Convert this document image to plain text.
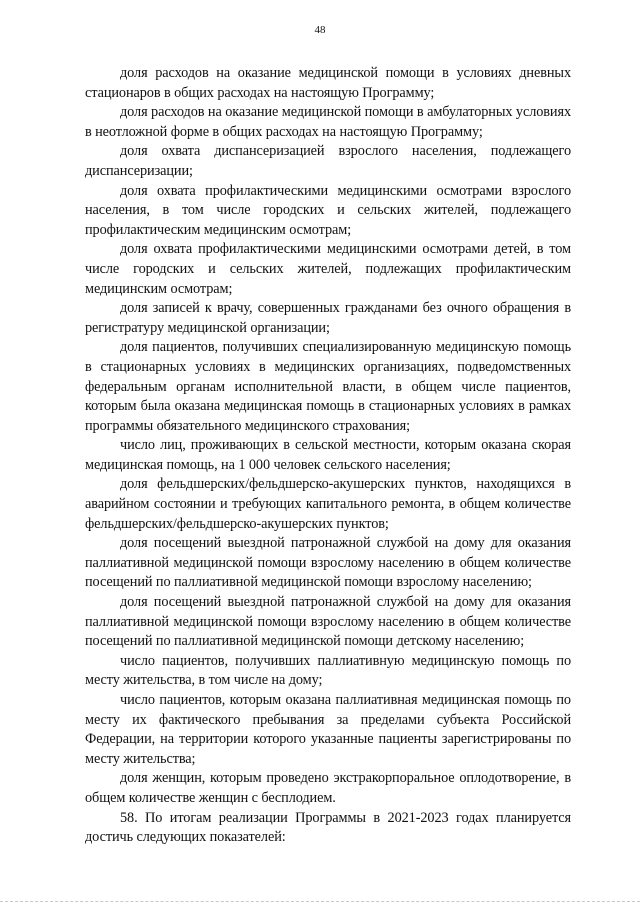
48

доля расходов на оказание медицинской помощи в условиях дневных стационаров в общих расходах на настоящую Программу;

доля расходов на оказание медицинской помощи в амбулаторных условиях в неотложной форме в общих расходах на настоящую Программу;

доля охвата диспансеризацией взрослого населения, подлежащего диспансеризации;

доля охвата профилактическими медицинскими осмотрами взрослого населения, в том числе городских и сельских жителей, подлежащего профилактическим медицинским осмотрам;

доля охвата профилактическими медицинскими осмотрами детей, в том числе городских и сельских жителей, подлежащих профилактическим медицинским осмотрам;

доля записей к врачу, совершенных гражданами без очного обращения в регистратуру медицинской организации;

доля пациентов, получивших специализированную медицинскую помощь в стационарных условиях в медицинских организациях, подведомственных федеральным органам исполнительной власти, в общем числе пациентов, которым была оказана медицинская помощь в стационарных условиях в рамках программы обязательного медицинского страхования;

число лиц, проживающих в сельской местности, которым оказана скорая медицинская помощь, на 1 000 человек сельского населения;

доля фельдшерских/фельдшерско-акушерских пунктов, находящихся в аварийном состоянии и требующих капитального ремонта, в общем количестве фельдшерских/фельдшерско-акушерских пунктов;

доля посещений выездной патронажной службой на дому для оказания паллиативной медицинской помощи взрослому населению в общем количестве посещений по паллиативной медицинской помощи взрослому населению;

доля посещений выездной патронажной службой на дому для оказания паллиативной медицинской помощи взрослому населению в общем количестве посещений по паллиативной медицинской помощи детскому населению;

число пациентов, получивших паллиативную медицинскую помощь по месту жительства, в том числе на дому;

число пациентов, которым оказана паллиативная медицинская помощь по месту их фактического пребывания за пределами субъекта Российской Федерации, на территории которого указанные пациенты зарегистрированы по месту жительства;

доля женщин, которым проведено экстракорпоральное оплодотворение, в общем количестве женщин с бесплодием.

58. По итогам реализации Программы в 2021-2023 годах планируется достичь следующих показателей:
